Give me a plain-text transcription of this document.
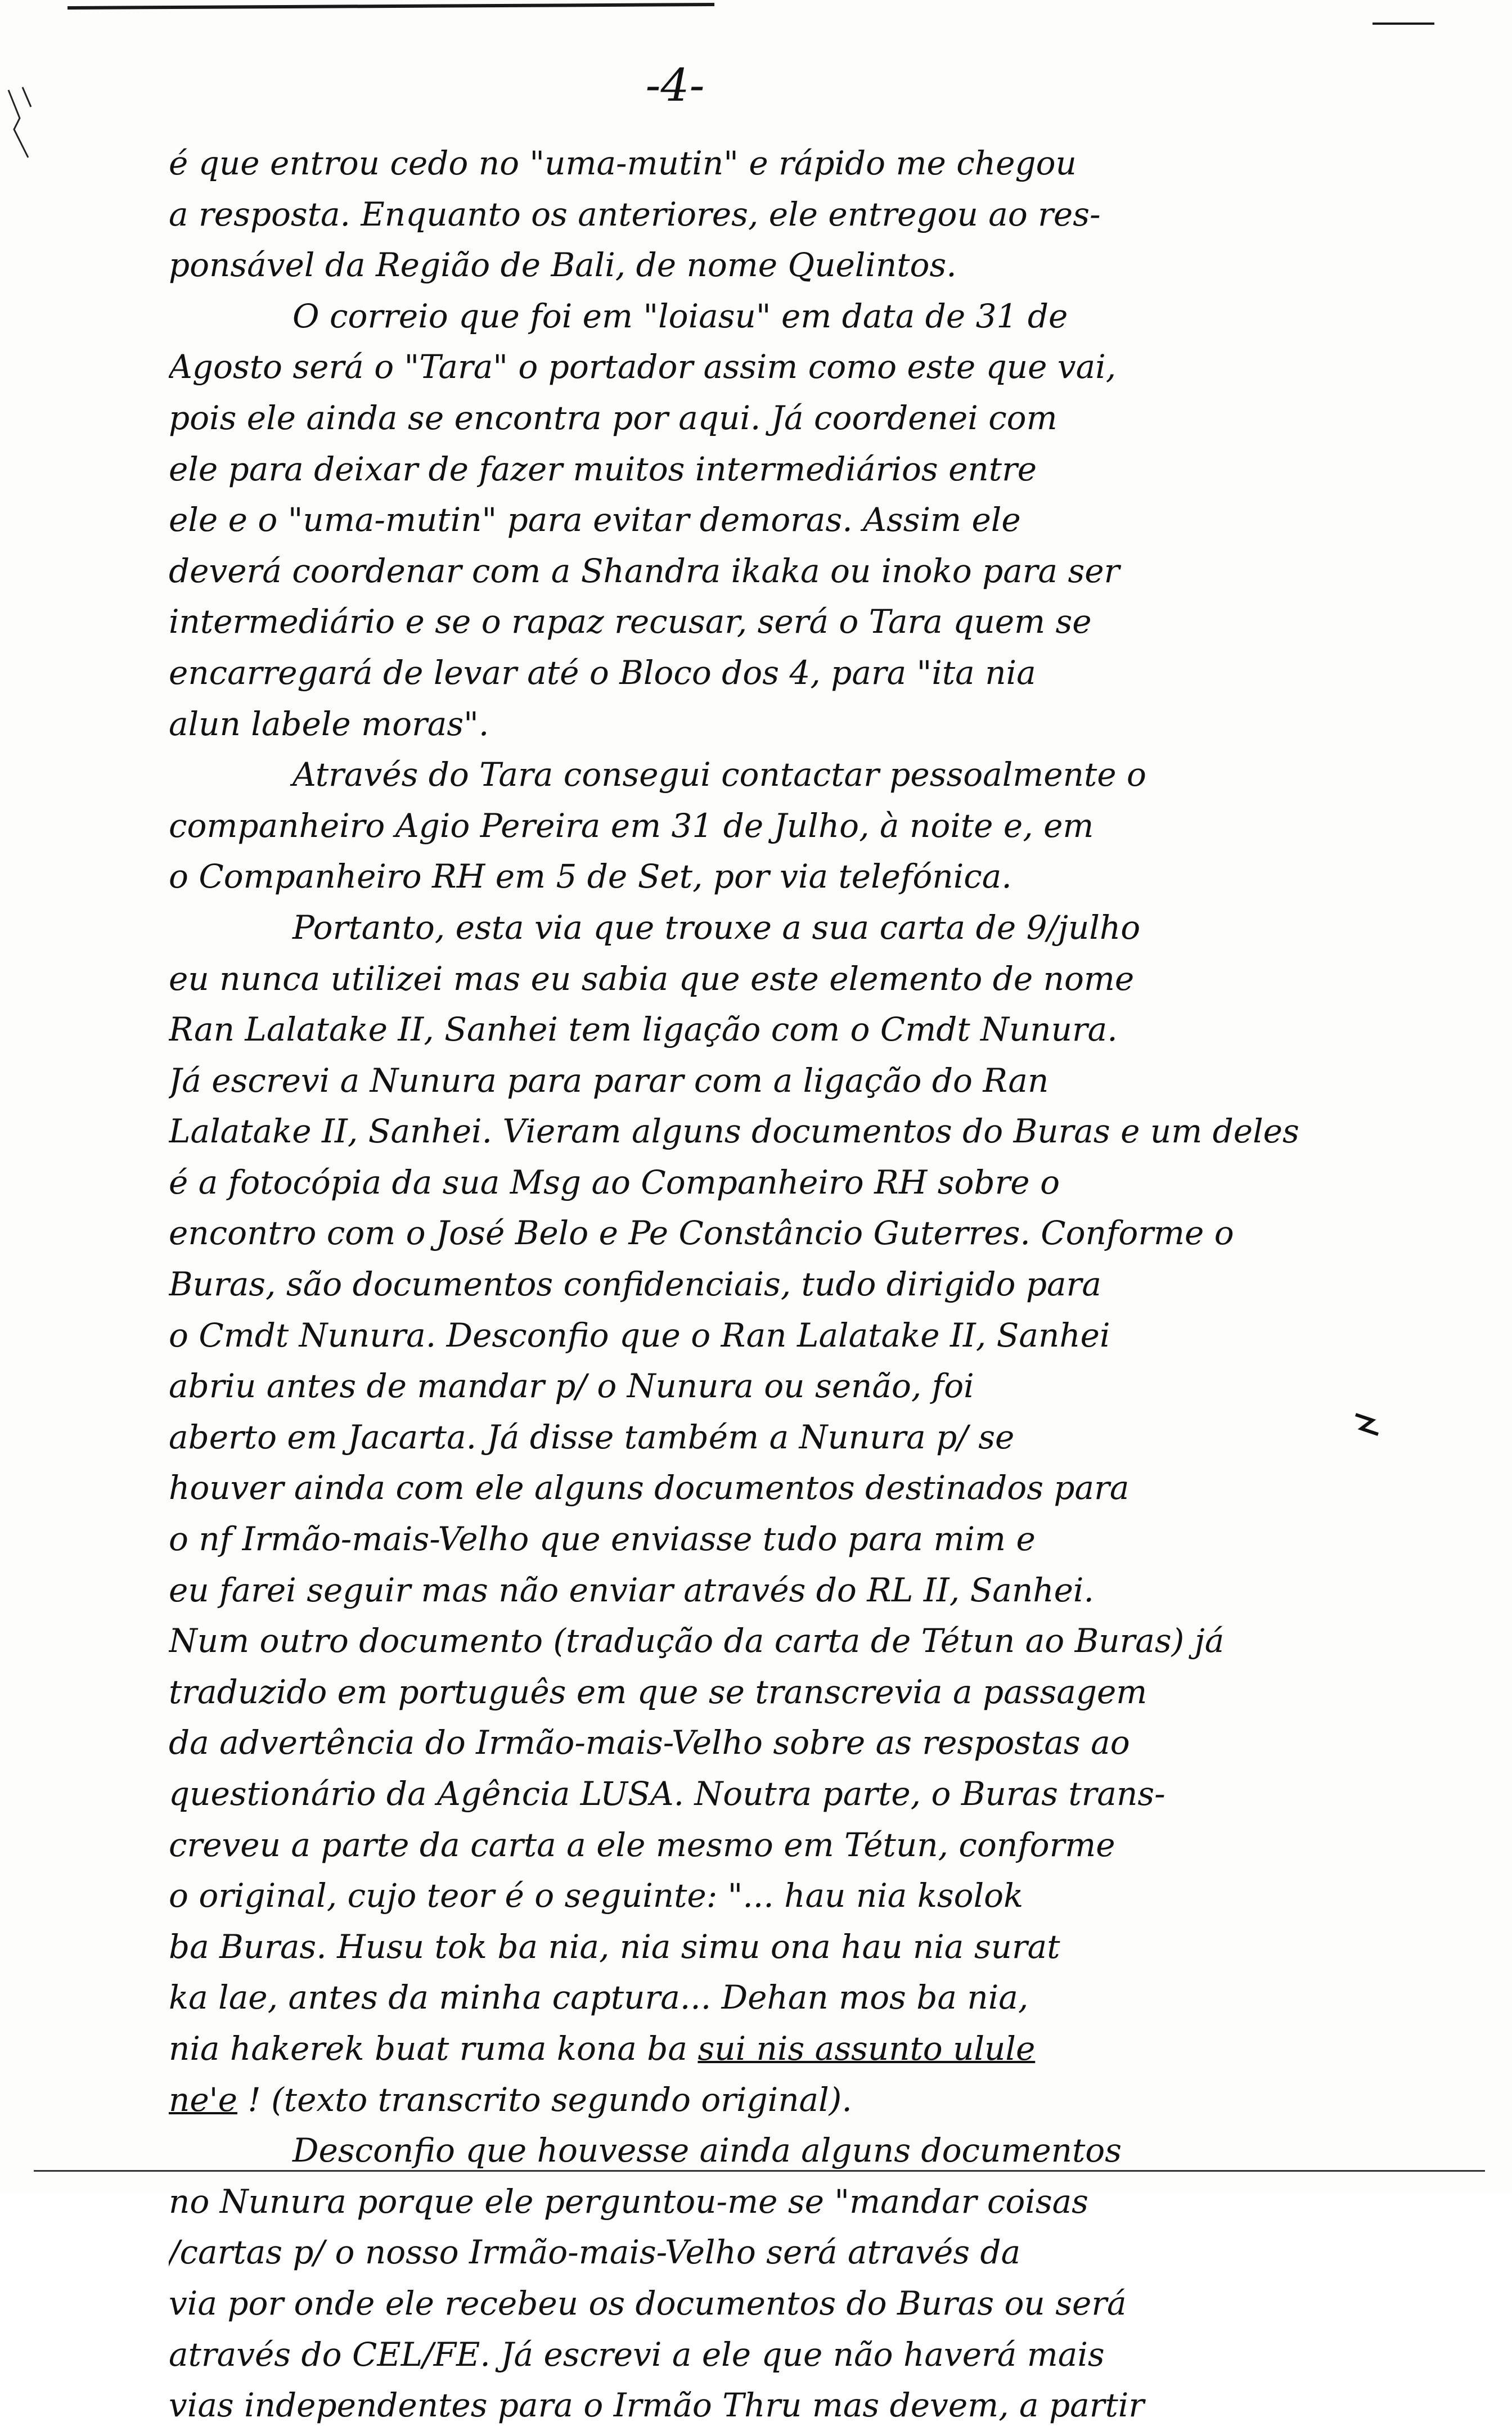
-4-
é que entrou cedo no "uma-mutin" e rápido me chegou
a resposta. Enquanto os anteriores, ele entregou ao res-
ponsável da Região de Bali, de nome Quelintos.
O correio que foi em "loiasu" em data de 31 de
Agosto será o "Tara" o portador assim como este que vai,
pois ele ainda se encontra por aqui. Já coordenei com
ele para deixar de fazer muitos intermediários entre
ele e o "uma-mutin" para evitar demoras. Assim ele
deverá coordenar com a Shandra ikaka ou inoko para ser
intermediário e se o rapaz recusar, será o Tara quem se
encarregará de levar até o Bloco dos 4, para "ita nia
alun labele moras".
Através do Tara consegui contactar pessoalmente o
companheiro Agio Pereira em 31 de Julho, à noite e, em
o Companheiro RH em 5 de Set, por via telefónica.
Portanto, esta via que trouxe a sua carta de 9/julho
eu nunca utilizei mas eu sabia que este elemento de nome
Ran Lalatake II, Sanhei tem ligação com o Cmdt Nunura.
Já escrevi a Nunura para parar com a ligação do Ran
Lalatake II, Sanhei. Vieram alguns documentos do Buras e um deles
é a fotocópia da sua Msg ao Companheiro RH sobre o
encontro com o José Belo e Pe Constâncio Guterres. Conforme o
Buras, são documentos confidenciais, tudo dirigido para
o Cmdt Nunura. Desconfio que o Ran Lalatake II, Sanhei
abriu antes de mandar p/ o Nunura ou senão, foi
aberto em Jacarta. Já disse também a Nunura p/ se
houver ainda com ele alguns documentos destinados para
o nf Irmão-mais-Velho que enviasse tudo para mim e
eu farei seguir mas não enviar através do RL II, Sanhei.
Num outro documento (tradução da carta de Tétun ao Buras) já
traduzido em português em que se transcrevia a passagem
da advertência do Irmão-mais-Velho sobre as respostas ao
questionário da Agência LUSA. Noutra parte, o Buras trans-
creveu a parte da carta a ele mesmo em Tétun, conforme
o original, cujo teor é o seguinte: "... hau nia ksolok
ba Buras. Husu tok ba nia, nia simu ona hau nia surat
ka lae, antes da minha captura... Dehan mos ba nia,
nia hakerek buat ruma kona ba sui nis assunto ulule
ne'e ! (texto transcrito segundo original).
Desconfio que houvesse ainda alguns documentos
no Nunura porque ele perguntou-me se "mandar coisas
/cartas p/ o nosso Irmão-mais-Velho será através da
via por onde ele recebeu os documentos do Buras ou será
através do CEL/FE. Já escrevi a ele que não haverá mais
vias independentes para o Irmão Thru mas devem, a partir
